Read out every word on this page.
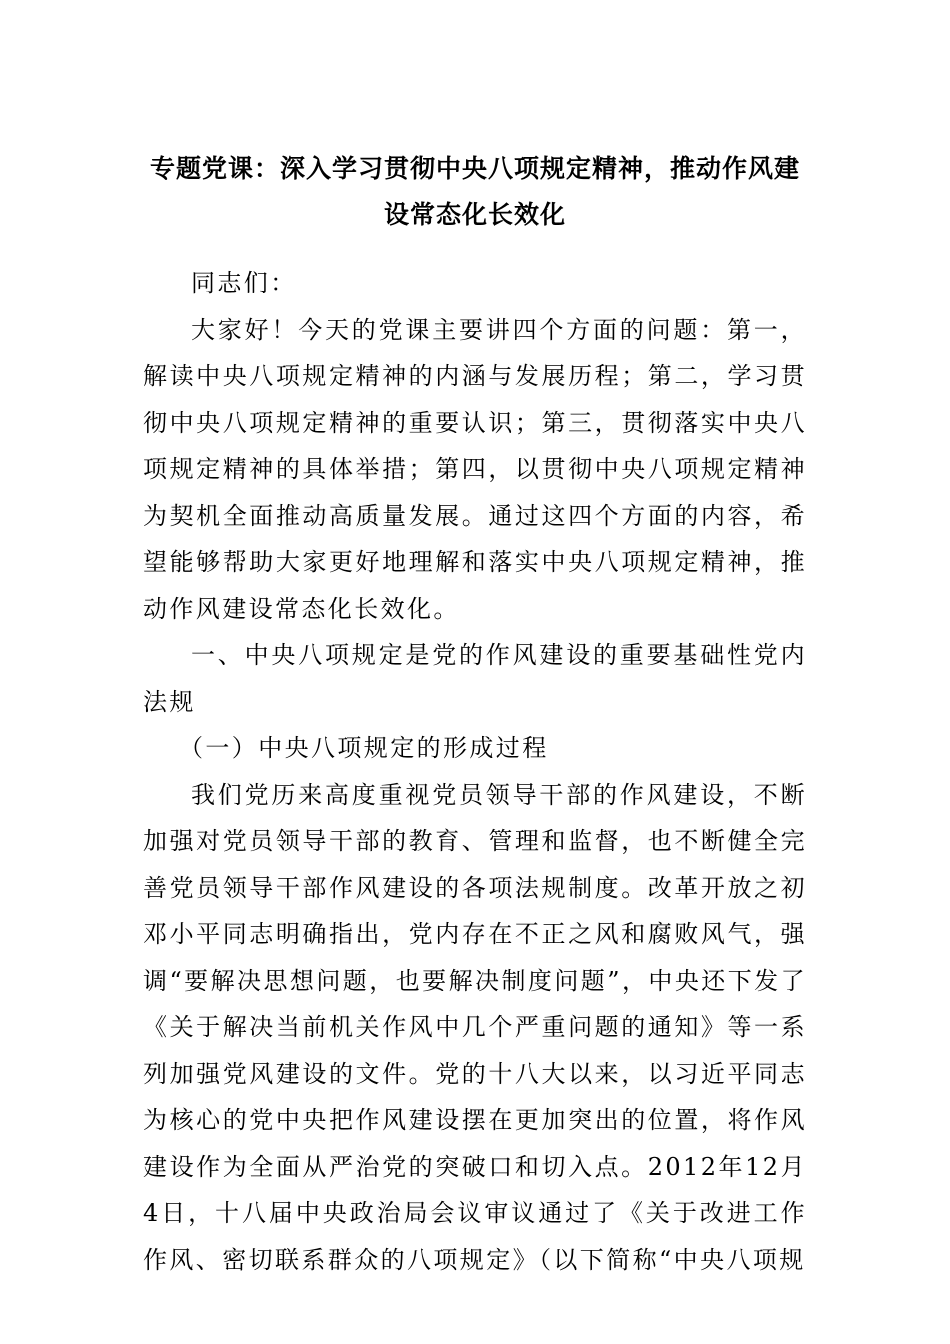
专题党课：深入学习贯彻中央八项规定精神，推动作风建设常态化长效化

同志们：

大家好！今天的党课主要讲四个方面的问题：第一，解读中央八项规定精神的内涵与发展历程；第二，学习贯彻中央八项规定精神的重要认识；第三，贯彻落实中央八项规定精神的具体举措；第四，以贯彻中央八项规定精神为契机全面推动高质量发展。通过这四个方面的内容，希望能够帮助大家更好地理解和落实中央八项规定精神，推动作风建设常态化长效化。

一、中央八项规定是党的作风建设的重要基础性党内法规

（一）中央八项规定的形成过程

我们党历来高度重视党员领导干部的作风建设，不断加强对党员领导干部的教育、管理和监督，也不断健全完善党员领导干部作风建设的各项法规制度。改革开放之初邓小平同志明确指出，党内存在不正之风和腐败风气，强调“要解决思想问题，也要解决制度问题”，中央还下发了《关于解决当前机关作风中几个严重问题的通知》等一系列加强党风建设的文件。党的十八大以来，以习近平同志为核心的党中央把作风建设摆在更加突出的位置，将作风建设作为全面从严治党的突破口和切入点。2012年12月4日，十八届中央政治局会议审议通过了《关于改进工作作风、密切联系群众的八项规定》（以下简称“中央八项规
